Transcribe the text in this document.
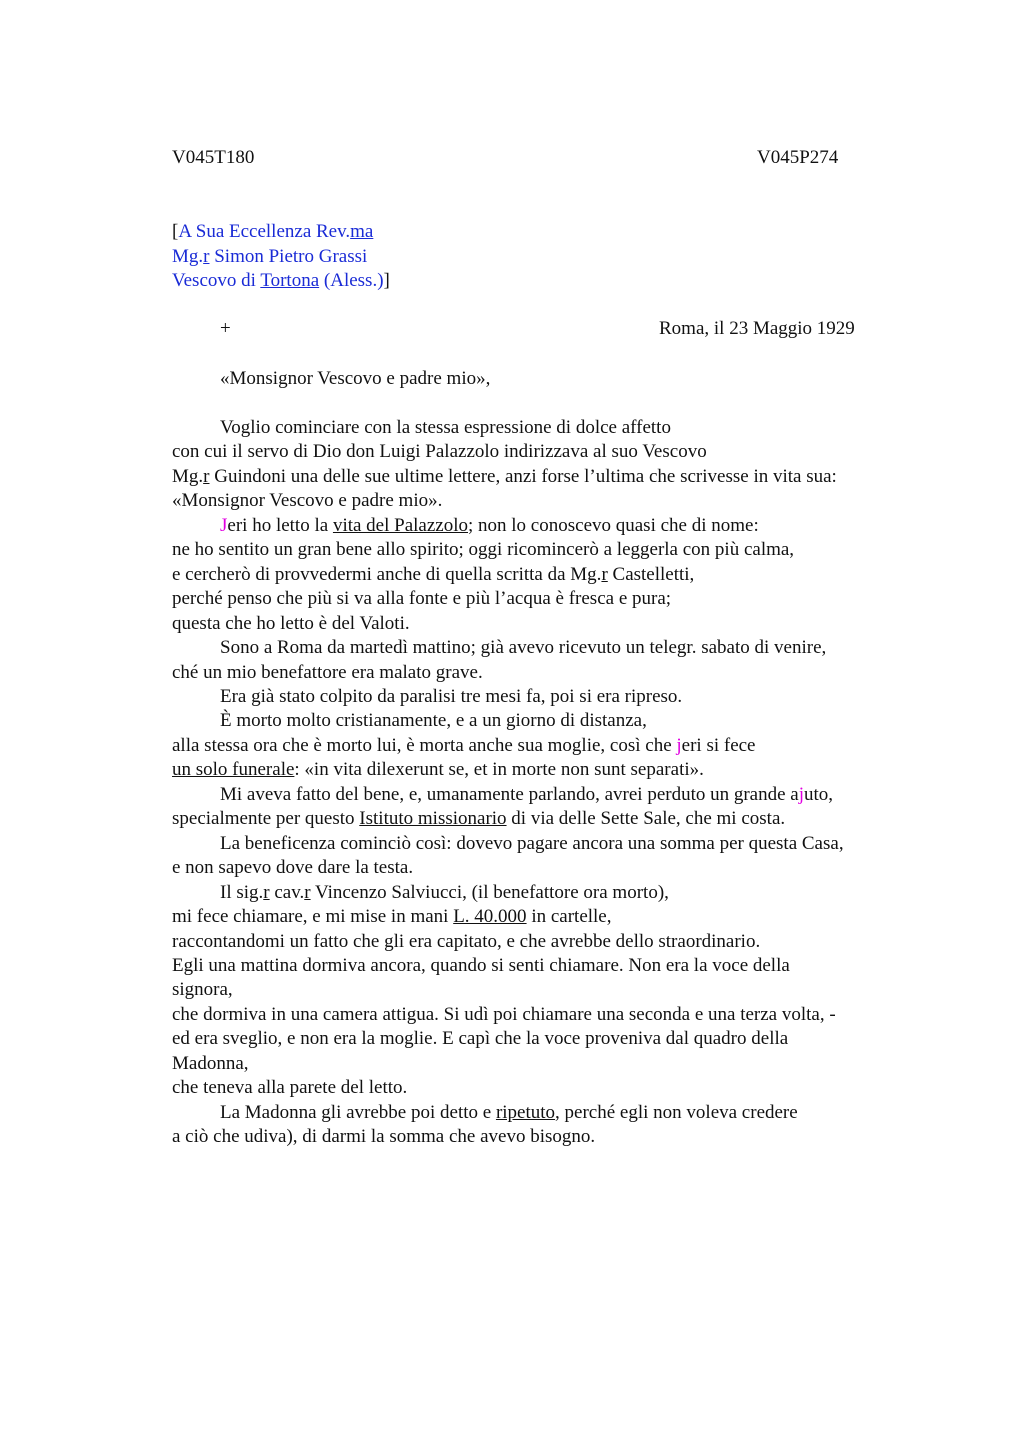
V045T180	V045P274
[A Sua Eccellenza Rev.ma
Mg.r Simon Pietro Grassi
Vescovo di Tortona (Aless.)]
+	Roma, il 23 Maggio 1929
«Monsignor Vescovo e padre mio»,
Voglio cominciare con la stessa espressione di dolce affetto
con cui il servo di Dio don Luigi Palazzolo indirizzava al suo Vescovo
Mg.r Guindoni una delle sue ultime lettere, anzi forse l’ultima che scrivesse in vita sua:
«Monsignor Vescovo e padre mio».
Jeri ho letto la vita del Palazzolo; non lo conoscevo quasi che di nome:
ne ho sentito un gran bene allo spirito; oggi ricomincerò a leggerla con più calma,
e cercherò di provvedermi anche di quella scritta da Mg.r Castelletti,
perché penso che più si va alla fonte e più l’acqua è fresca e pura;
questa che ho letto è del Valoti.
Sono a Roma da martedì mattino; già avevo ricevuto un telegr. sabato di venire,
ché un mio benefattore era malato grave.
Era già stato colpito da paralisi tre mesi fa, poi si era ripreso.
È morto molto cristianamente, e a un giorno di distanza,
alla stessa ora che è morto lui, è morta anche sua moglie, così che jeri si fece
un solo funerale: «in vita dilexerunt se, et in morte non sunt separati».
Mi aveva fatto del bene, e, umanamente parlando, avrei perduto un grande ajuto,
specialmente per questo Istituto missionario di via delle Sette Sale, che mi costa.
La beneficenza cominciò così: dovevo pagare ancora una somma per questa Casa,
e non sapevo dove dare la testa.
Il sig.r cav.r Vincenzo Salviucci, (il benefattore ora morto),
mi fece chiamare, e mi mise in mani L. 40.000 in cartelle,
raccontandomi un fatto che gli era capitato, e che avrebbe dello straordinario.
Egli una mattina dormiva ancora, quando si senti chiamare. Non era la voce della
signora,
che dormiva in una camera attigua. Si udì poi chiamare una seconda e una terza volta, -
ed era sveglio, e non era la moglie. E capì che la voce proveniva dal quadro della
Madonna,
che teneva alla parete del letto.
La Madonna gli avrebbe poi detto e ripetuto, perché egli non voleva credere
a ciò che udiva), di darmi la somma che avevo bisogno.
